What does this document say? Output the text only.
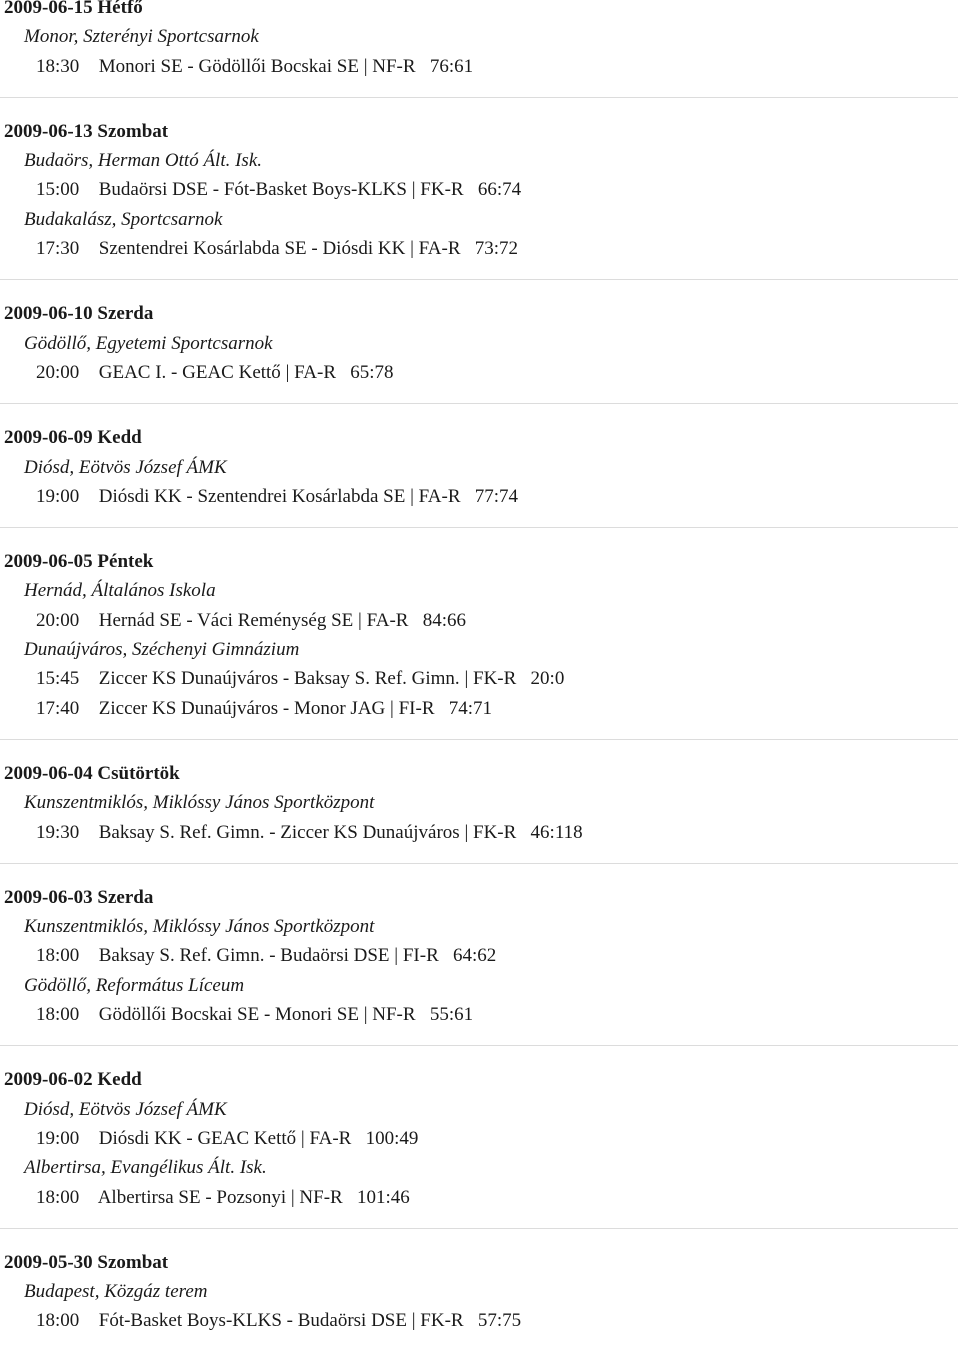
2009-06-15 Hétfő
Monor, Szterényi Sportcsarnok
18:30 Monori SE - Gödöllői Bocskai SE | NF-R 76:61
2009-06-13 Szombat
Budaörs, Herman Ottó Ált. Isk.
15:00 Budaörsi DSE - Fót-Basket Boys-KLKS | FK-R 66:74
Budakalász, Sportcsarnok
17:30 Szentendrei Kosárlabda SE - Diósdi KK | FA-R 73:72
2009-06-10 Szerda
Gödöllő, Egyetemi Sportcsarnok
20:00 GEAC I. - GEAC Kettő | FA-R 65:78
2009-06-09 Kedd
Diósd, Eötvös József ÁMK
19:00 Diósdi KK - Szentendrei Kosárlabda SE | FA-R 77:74
2009-06-05 Péntek
Hernád, Általános Iskola
20:00 Hernád SE - Váci Reménység SE | FA-R 84:66
Dunaújváros, Széchenyi Gimnázium
15:45 Ziccer KS Dunaújváros - Baksay S. Ref. Gimn. | FK-R 20:0
17:40 Ziccer KS Dunaújváros - Monor JAG | FI-R 74:71
2009-06-04 Csütörtök
Kunszentmiklós, Miklóssy János Sportközpont
19:30 Baksay S. Ref. Gimn. - Ziccer KS Dunaújváros | FK-R 46:118
2009-06-03 Szerda
Kunszentmiklós, Miklóssy János Sportközpont
18:00 Baksay S. Ref. Gimn. - Budaörsi DSE | FI-R 64:62
Gödöllő, Református Líceum
18:00 Gödöllői Bocskai SE - Monori SE | NF-R 55:61
2009-06-02 Kedd
Diósd, Eötvös József ÁMK
19:00 Diósdi KK - GEAC Kettő | FA-R 100:49
Albertirsa, Evangélikus Ált. Isk.
18:00 Albertirsa SE - Pozsonyi | NF-R 101:46
2009-05-30 Szombat
Budapest, Közgáz terem
18:00 Fót-Basket Boys-KLKS - Budaörsi DSE | FK-R 57:75
